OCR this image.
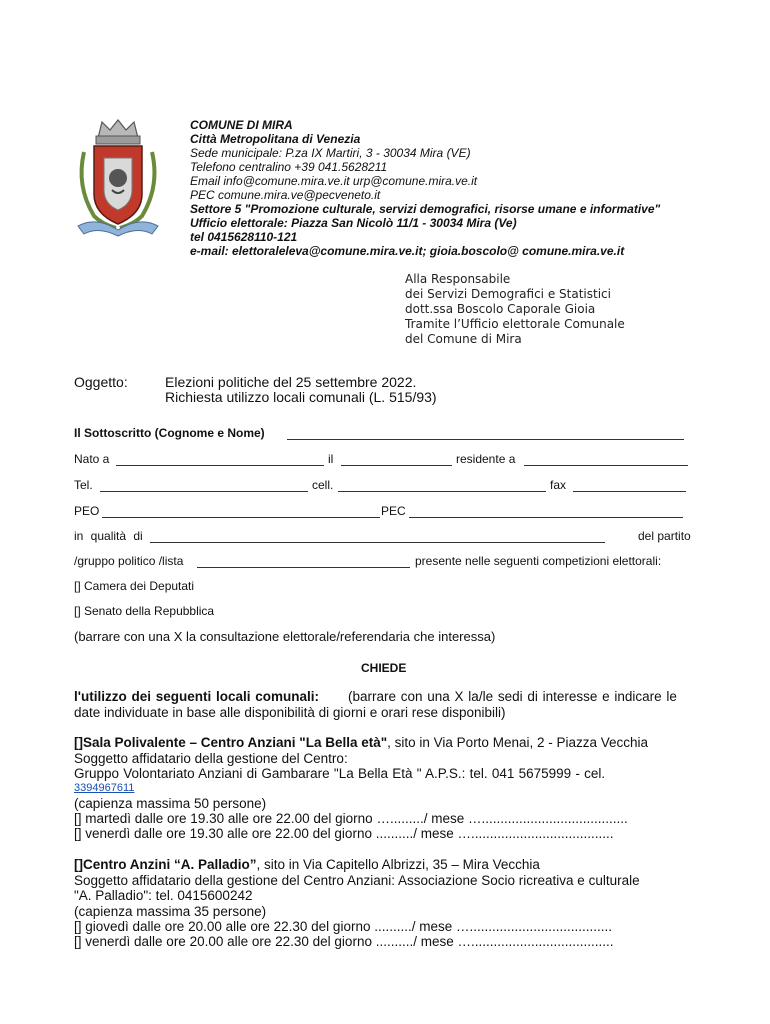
COMUNE DI MIRA
Città Metropolitana di Venezia
Sede municipale: P.za IX Martiri, 3 - 30034 Mira (VE)
Telefono centralino +39 041.5628211
Email info@comune.mira.ve.it urp@comune.mira.ve.it
PEC comune.mira.ve@pecveneto.it
Settore 5 "Promozione culturale, servizi demografici, risorse umane e informative"
Ufficio elettorale: Piazza San Nicolò 11/1 - 30034 Mira (Ve)
tel 0415628110-121
e-mail: elettoraleleva@comune.mira.ve.it; gioia.boscolo@ comune.mira.ve.it
Alla Responsabile
dei Servizi Demografici e Statistici
dott.ssa Boscolo Caporale Gioia
Tramite l’Ufficio elettorale Comunale
del Comune di Mira
Oggetto:	Elezioni politiche del 25 settembre 2022.
Richiesta utilizzo locali comunali (L. 515/93)
Il Sottoscritto (Cognome e Nome)
Nato a	il	residente a
Tel.	cell.	fax
PEO	PEC
in qualità di	del partito
/gruppo politico /lista	presente nelle seguenti competizioni elettorali:
[] Camera dei Deputati
[] Senato della Repubblica
(barrare con una X la consultazione elettorale/referendaria che interessa)
CHIEDE
l'utilizzo dei seguenti locali comunali: (barrare con una X la/le sedi di interesse e indicare le
date individuate in base alle disponibilità di giorni e orari rese disponibili)
[]Sala Polivalente – Centro Anziani "La Bella età", sito in Via Porto Menai, 2 - Piazza Vecchia
Soggetto affidatario della gestione del Centro:
Gruppo Volontariato Anziani di Gambarare "La Bella Età " A.P.S.: tel. 041 5675999 - cel.
3394967611
(capienza massima 50 persone)
[] martedì dalle ore 19.30 alle ore 22.00 del giorno …........./ mese ….......................................
[] venerdì dalle ore 19.30 alle ore 22.00 del giorno ........../ mese …......................................
[]Centro Anzini “A. Palladio”, sito in Via Capitello Albrizzi, 35 – Mira Vecchia
Soggetto affidatario della gestione del Centro Anziani: Associazione Socio ricreativa e culturale
"A. Palladio": tel. 0415600242
(capienza massima 35 persone)
[] giovedì dalle ore 20.00 alle ore 22.30 del giorno ........../ mese …......................................
[] venerdì dalle ore 20.00 alle ore 22.30 del giorno ........../ mese …......................................
